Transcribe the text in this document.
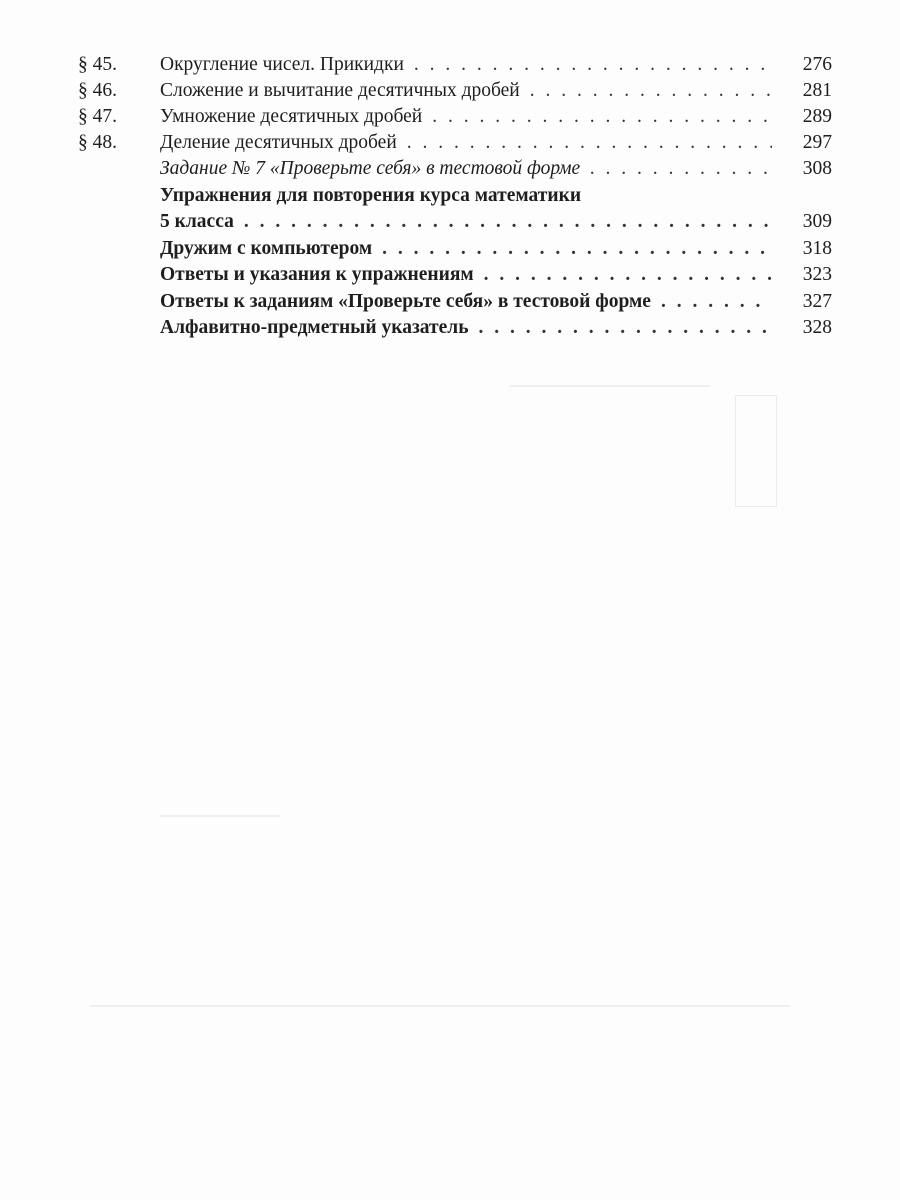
§ 45. Округление чисел. Прикидки . . .	276
§ 46. Сложение и вычитание десятичных дробей . . .	281
§ 47. Умножение десятичных дробей . . .	289
§ 48. Деление десятичных дробей . . .	297
Задание № 7 «Проверьте себя» в тестовой форме . . .	308
Упражнения для повторения курса математики
5 класса . . .	309
Дружим с компьютером . . .	318
Ответы и указания к упражнениям . . .	323
Ответы к заданиям «Проверьте себя» в тестовой форме . . .	327
Алфавитно-предметный указатель . . .	328
